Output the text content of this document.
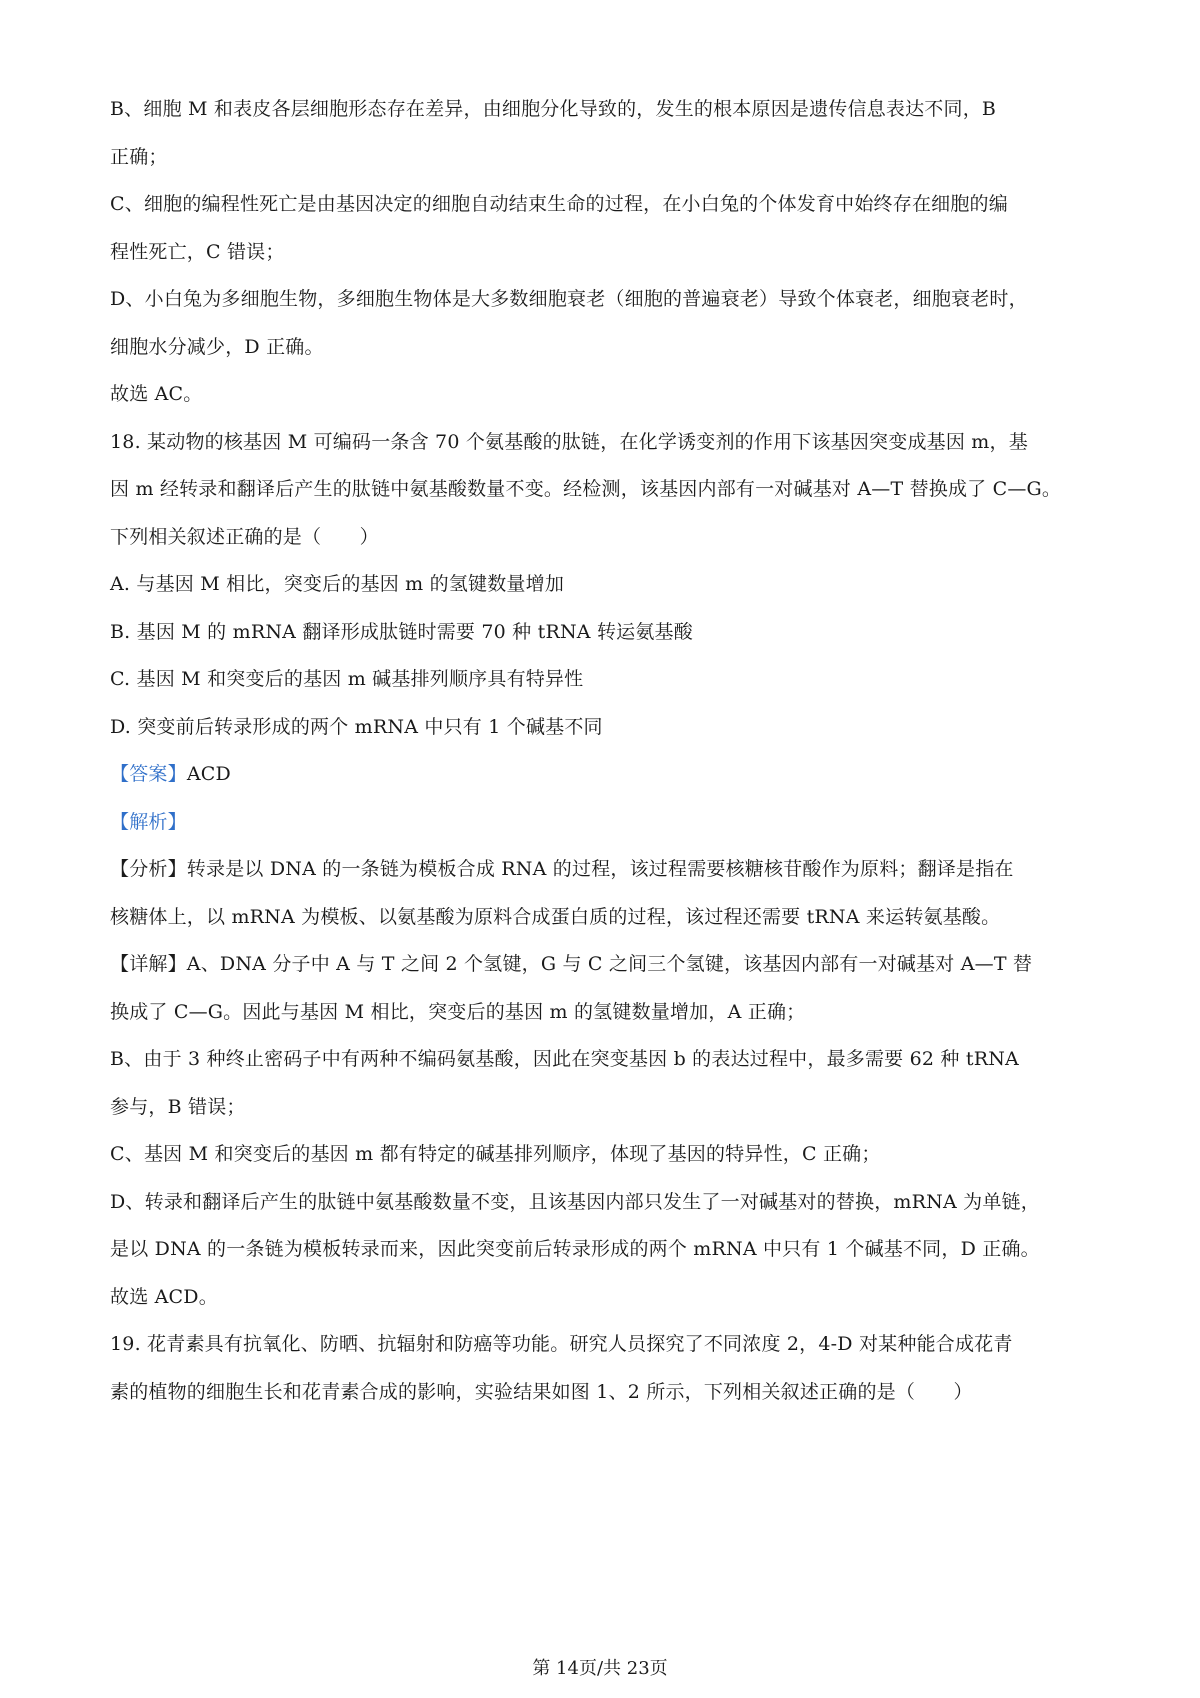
B、细胞 M 和表皮各层细胞形态存在差异，由细胞分化导致的，发生的根本原因是遗传信息表达不同，B
正确；
C、细胞的编程性死亡是由基因决定的细胞自动结束生命的过程，在小白兔的个体发育中始终存在细胞的编
程性死亡，C 错误；
D、小白兔为多细胞生物，多细胞生物体是大多数细胞衰老（细胞的普遍衰老）导致个体衰老，细胞衰老时，
细胞水分减少，D 正确。
故选 AC。
18. 某动物的核基因 M 可编码一条含 70 个氨基酸的肽链，在化学诱变剂的作用下该基因突变成基因 m，基
因 m 经转录和翻译后产生的肽链中氨基酸数量不变。经检测，该基因内部有一对碱基对 A—T 替换成了 C—G。
下列相关叙述正确的是（　　）
A. 与基因 M 相比，突变后的基因 m 的氢键数量增加
B. 基因 M 的 mRNA 翻译形成肽链时需要 70 种 tRNA 转运氨基酸
C. 基因 M 和突变后的基因 m 碱基排列顺序具有特异性
D. 突变前后转录形成的两个 mRNA 中只有 1 个碱基不同
【答案】ACD
【解析】
【分析】转录是以 DNA 的一条链为模板合成 RNA 的过程，该过程需要核糖核苷酸作为原料；翻译是指在
核糖体上，以 mRNA 为模板、以氨基酸为原料合成蛋白质的过程，该过程还需要 tRNA 来运转氨基酸。
【详解】A、DNA 分子中 A 与 T 之间 2 个氢键，G 与 C 之间三个氢键，该基因内部有一对碱基对 A—T 替
换成了 C—G。因此与基因 M 相比，突变后的基因 m 的氢键数量增加，A 正确；
B、由于 3 种终止密码子中有两种不编码氨基酸，因此在突变基因 b 的表达过程中，最多需要 62 种 tRNA
参与，B 错误；
C、基因 M 和突变后的基因 m 都有特定的碱基排列顺序，体现了基因的特异性，C 正确；
D、转录和翻译后产生的肽链中氨基酸数量不变，且该基因内部只发生了一对碱基对的替换，mRNA 为单链，
是以 DNA 的一条链为模板转录而来，因此突变前后转录形成的两个 mRNA 中只有 1 个碱基不同，D 正确。
故选 ACD。
19. 花青素具有抗氧化、防晒、抗辐射和防癌等功能。研究人员探究了不同浓度 2，4-D 对某种能合成花青
素的植物的细胞生长和花青素合成的影响，实验结果如图 1、2 所示，下列相关叙述正确的是（　　）
第 14页/共 23页
